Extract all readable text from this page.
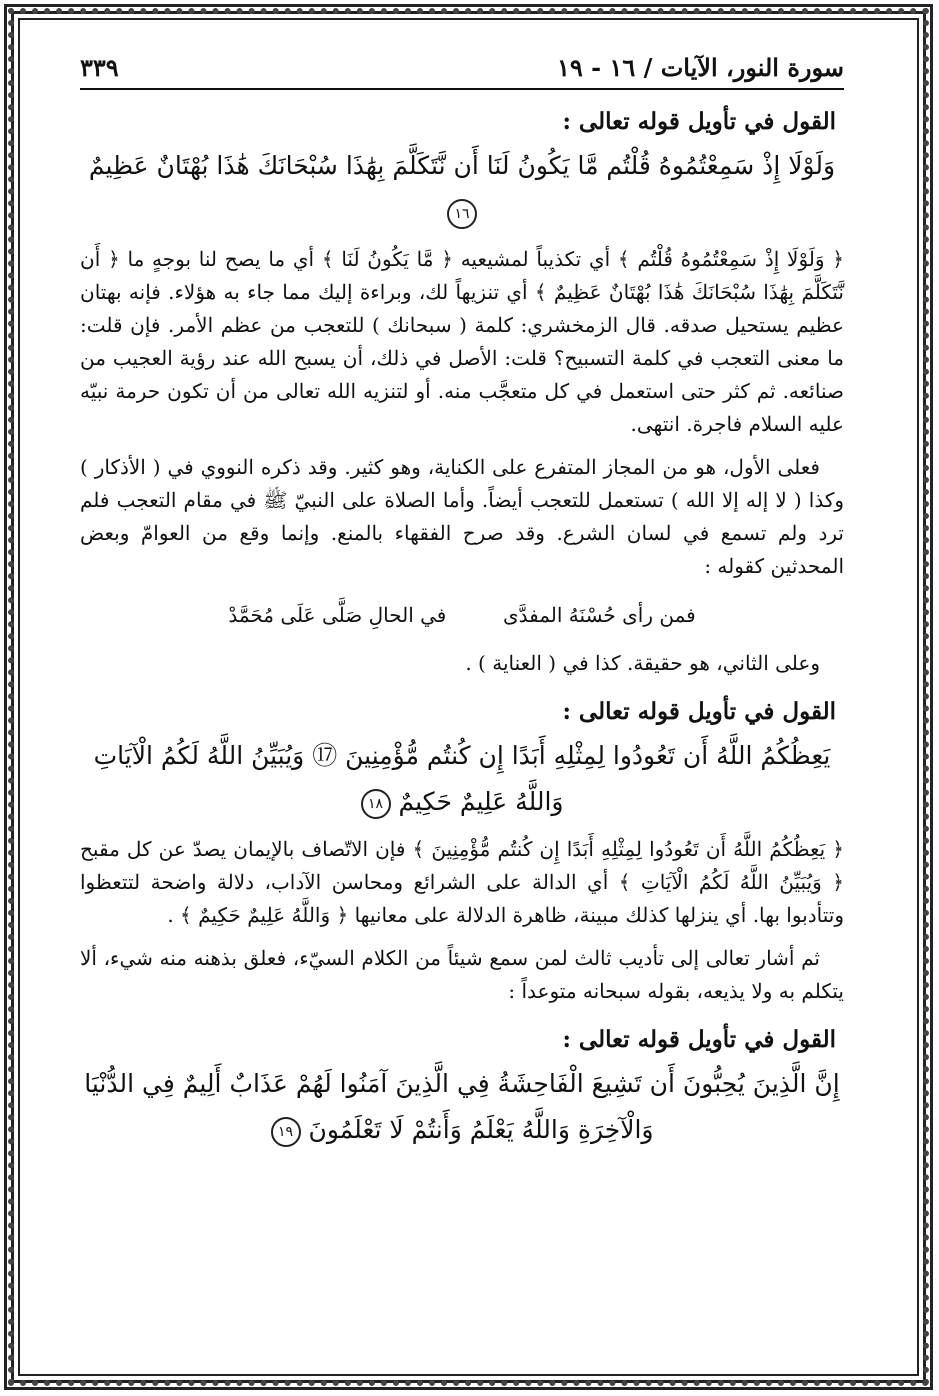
سورة النور، الآيات / ١٦ - ١٩
٣٣٩
القول في تأويل قوله تعالى :
وَلَوْلَا إِذْ سَمِعْتُمُوهُ قُلْتُم مَّا يَكُونُ لَنَا أَن نَّتَكَلَّمَ بِهَٰذَا سُبْحَانَكَ هَٰذَا بُهْتَانٌ عَظِيمٌ ١٦

﴿ وَلَوْلَا إِذْ سَمِعْتُمُوهُ قُلْتُم ﴾ أي تكذيباً لمشيعيه ﴿ مَّا يَكُونُ لَنَا ﴾ أي ما يصح لنا بوجهٍ ما ﴿ أَن نَّتَكَلَّمَ بِهَٰذَا سُبْحَانَكَ هَٰذَا بُهْتَانٌ عَظِيمٌ ﴾ أي تنزيهاً لك، وبراءة إليك مما جاء به هؤلاء. فإنه بهتان عظيم يستحيل صدقه. قال الزمخشري: كلمة ( سبحانك ) للتعجب من عظم الأمر. فإن قلت: ما معنى التعجب في كلمة التسبيح؟ قلت: الأصل في ذلك، أن يسبح الله عند رؤية العجيب من صنائعه. ثم كثر حتى استعمل في كل متعجَّب منه. أو لتنزيه الله تعالى من أن تكون حرمة نبيّه عليه السلام فاجرة. انتهى.

فعلى الأول، هو من المجاز المتفرع على الكناية، وهو كثير. وقد ذكره النووي في ( الأذكار ) وكذا ( لا إله إلا الله ) تستعمل للتعجب أيضاً. وأما الصلاة على النبيّ ﷺ في مقام التعجب فلم ترد ولم تسمع في لسان الشرع. وقد صرح الفقهاء بالمنع. وإنما وقع من العوامّ وبعض المحدثين كقوله :

فمن رأى حُسْنَهُ المفدَّى
في الحالِ صَلَّى عَلَى مُحَمَّدْ

وعلى الثاني، هو حقيقة. كذا في ( العناية ) .

القول في تأويل قوله تعالى :
يَعِظُكُمُ اللَّهُ أَن تَعُودُوا لِمِثْلِهِ أَبَدًا إِن كُنتُم مُّؤْمِنِينَ ⑰ وَيُبَيِّنُ اللَّهُ لَكُمُ الْآيَاتِ وَاللَّهُ عَلِيمٌ حَكِيمٌ ١٨

﴿ يَعِظُكُمُ اللَّهُ أَن تَعُودُوا لِمِثْلِهِ أَبَدًا إِن كُنتُم مُّؤْمِنِينَ ﴾ فإن الاتّصاف بالإيمان يصدّ عن كل مقبح ﴿ وَيُبَيِّنُ اللَّهُ لَكُمُ الْآيَاتِ ﴾ أي الدالة على الشرائع ومحاسن الآداب، دلالة واضحة لتتعظوا وتتأدبوا بها. أي ينزلها كذلك مبينة، ظاهرة الدلالة على معانيها ﴿ وَاللَّهُ عَلِيمٌ حَكِيمٌ ﴾ .

ثم أشار تعالى إلى تأديب ثالث لمن سمع شيئاً من الكلام السيّء، فعلق بذهنه منه شيء، ألا يتكلم به ولا يذيعه، بقوله سبحانه متوعداً :

القول في تأويل قوله تعالى :
إِنَّ الَّذِينَ يُحِبُّونَ أَن تَشِيعَ الْفَاحِشَةُ فِي الَّذِينَ آمَنُوا لَهُمْ عَذَابٌ أَلِيمٌ فِي الدُّنْيَا وَالْآخِرَةِ وَاللَّهُ يَعْلَمُ وَأَنتُمْ لَا تَعْلَمُونَ ١٩
